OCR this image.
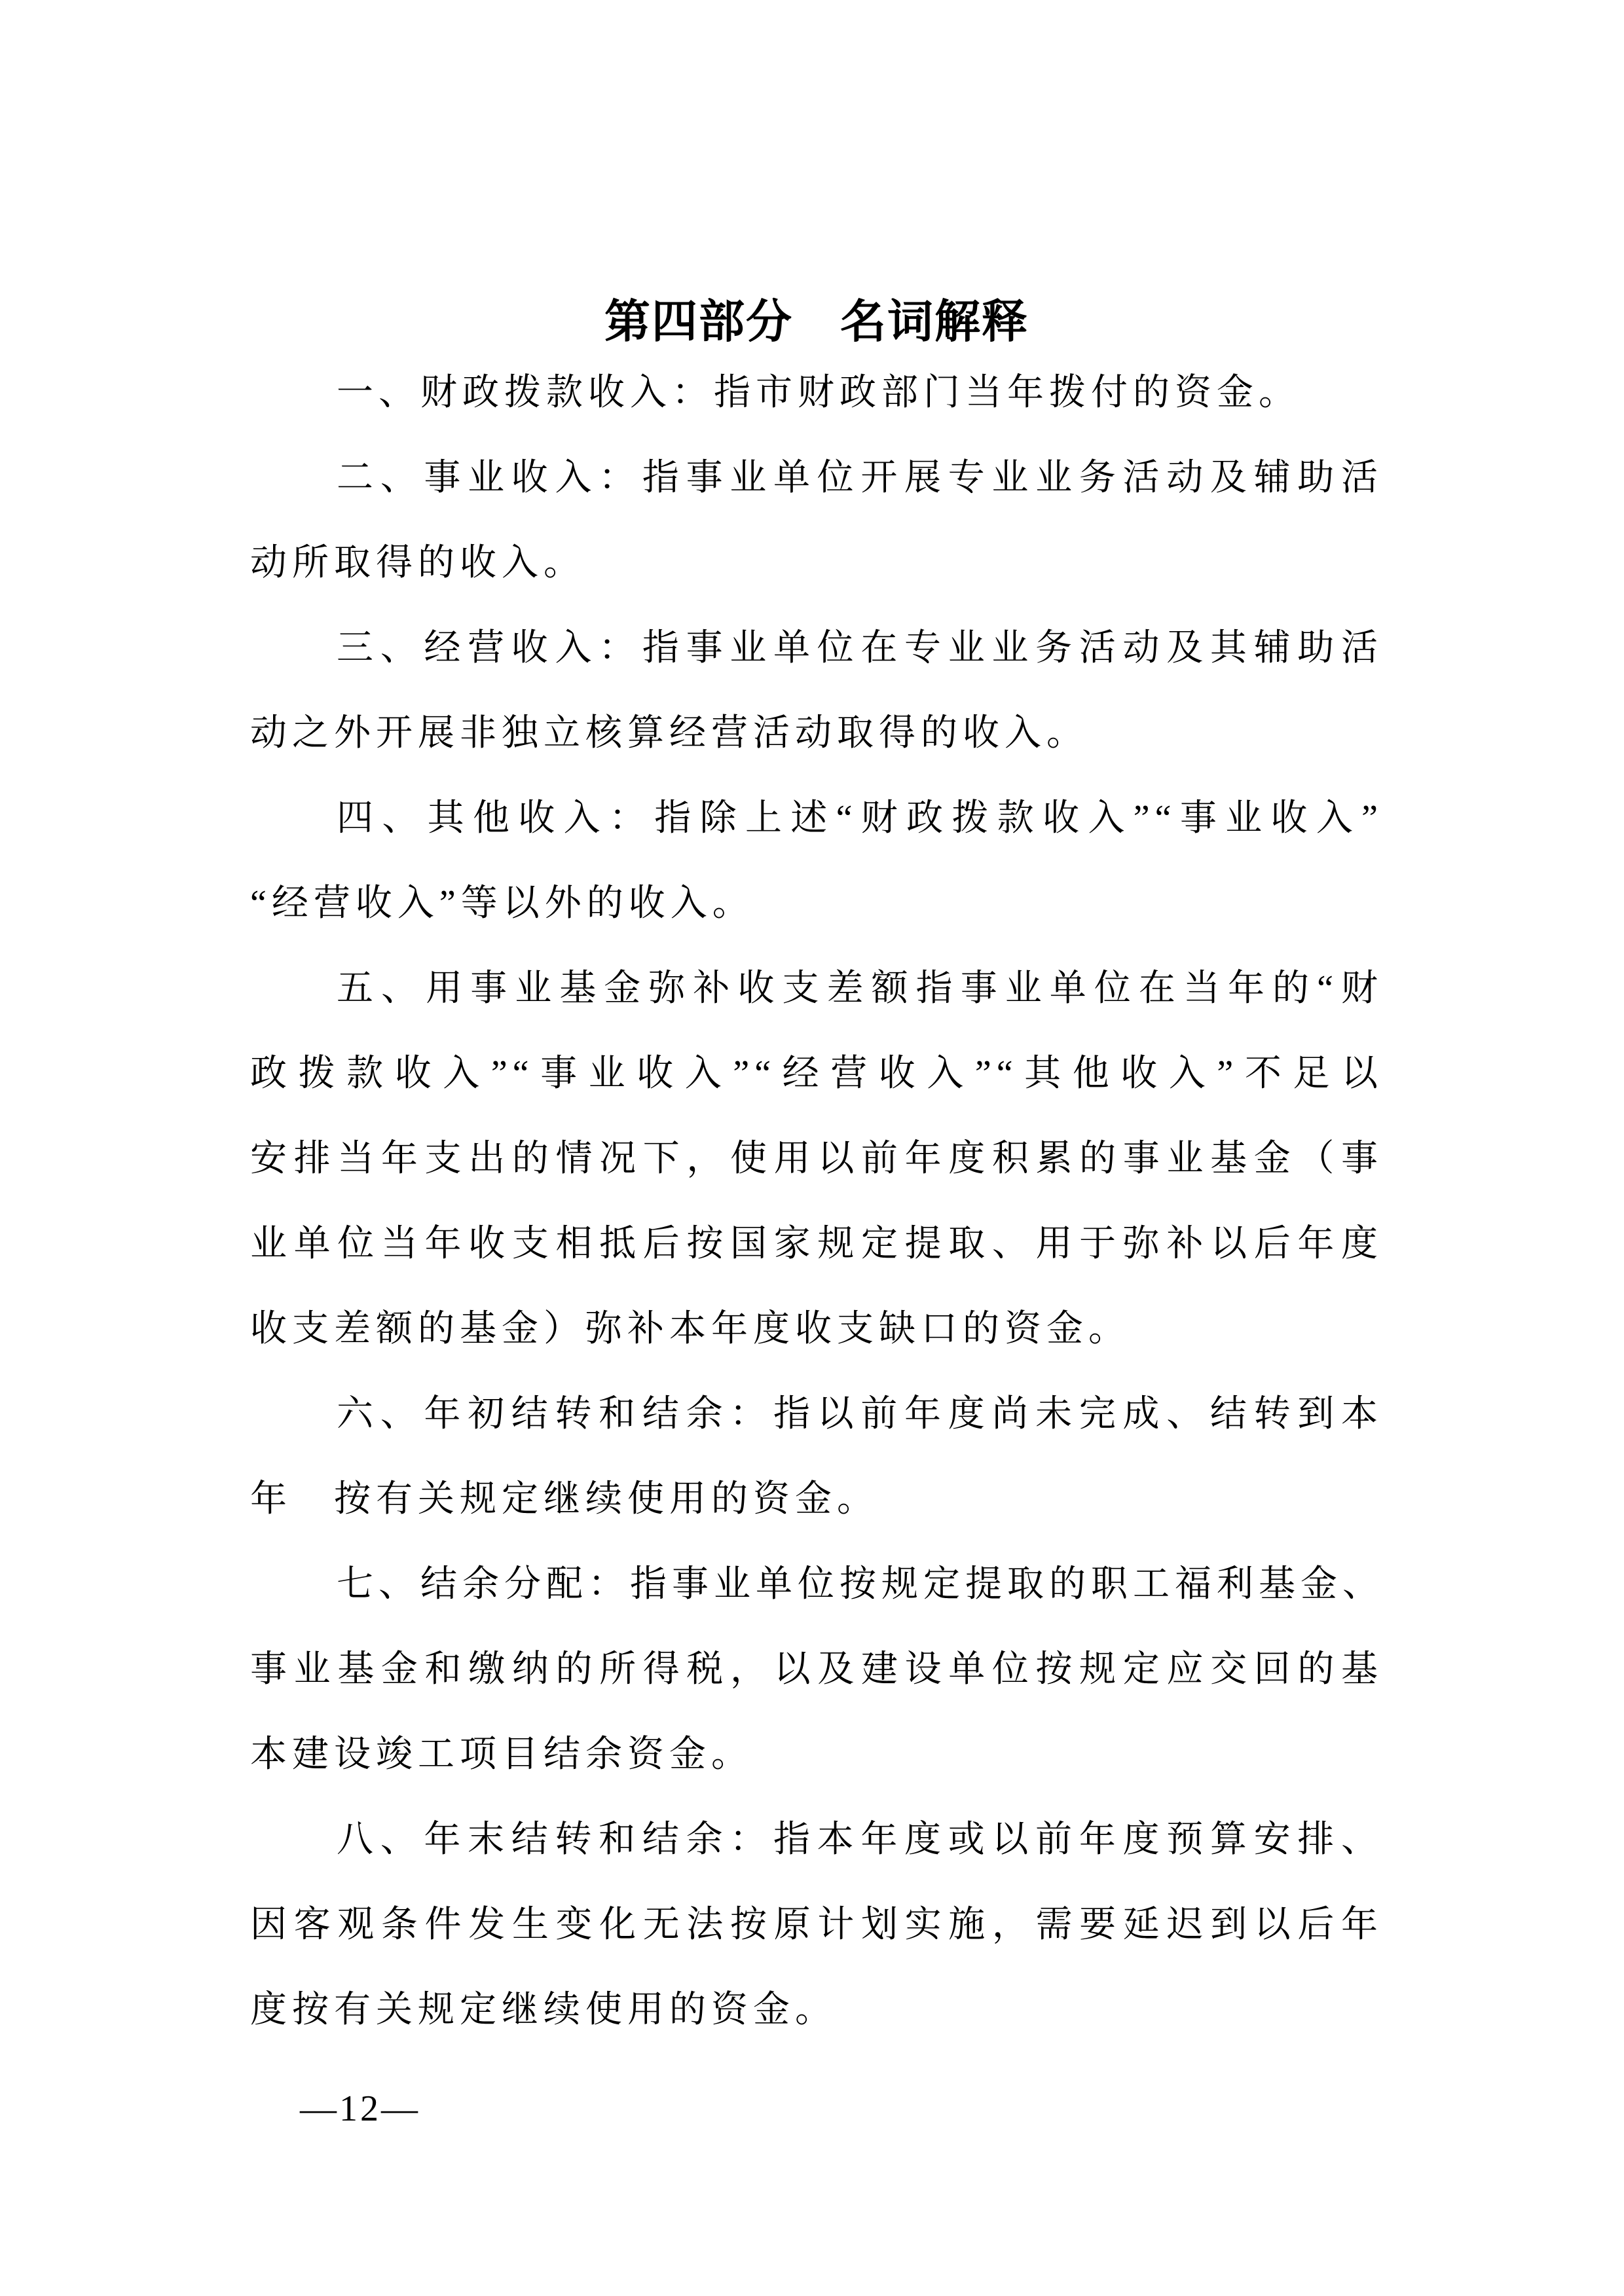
第四部分　名词解释
一、财政拨款收入：指市财政部门当年拨付的资金。
二、事业收入：指事业单位开展专业业务活动及辅助活
动所取得的收入。
三、经营收入：指事业单位在专业业务活动及其辅助活
动之外开展非独立核算经营活动取得的收入。
四、其他收入：指除上述“财政拨款收入”“事业收入”
“经营收入”等以外的收入。
五、用事业基金弥补收支差额指事业单位在当年的“财
政拨款收入”“事业收入”“经营收入”“其他收入”不足以
安排当年支出的情况下，使用以前年度积累的事业基金（事
业单位当年收支相抵后按国家规定提取、用于弥补以后年度
收支差额的基金）弥补本年度收支缺口的资金。
六、年初结转和结余：指以前年度尚未完成、结转到本
年　按有关规定继续使用的资金。
七、结余分配：指事业单位按规定提取的职工福利基金、
事业基金和缴纳的所得税，以及建设单位按规定应交回的基
本建设竣工项目结余资金。
八、年末结转和结余：指本年度或以前年度预算安排、
因客观条件发生变化无法按原计划实施，需要延迟到以后年
度按有关规定继续使用的资金。
—12—
